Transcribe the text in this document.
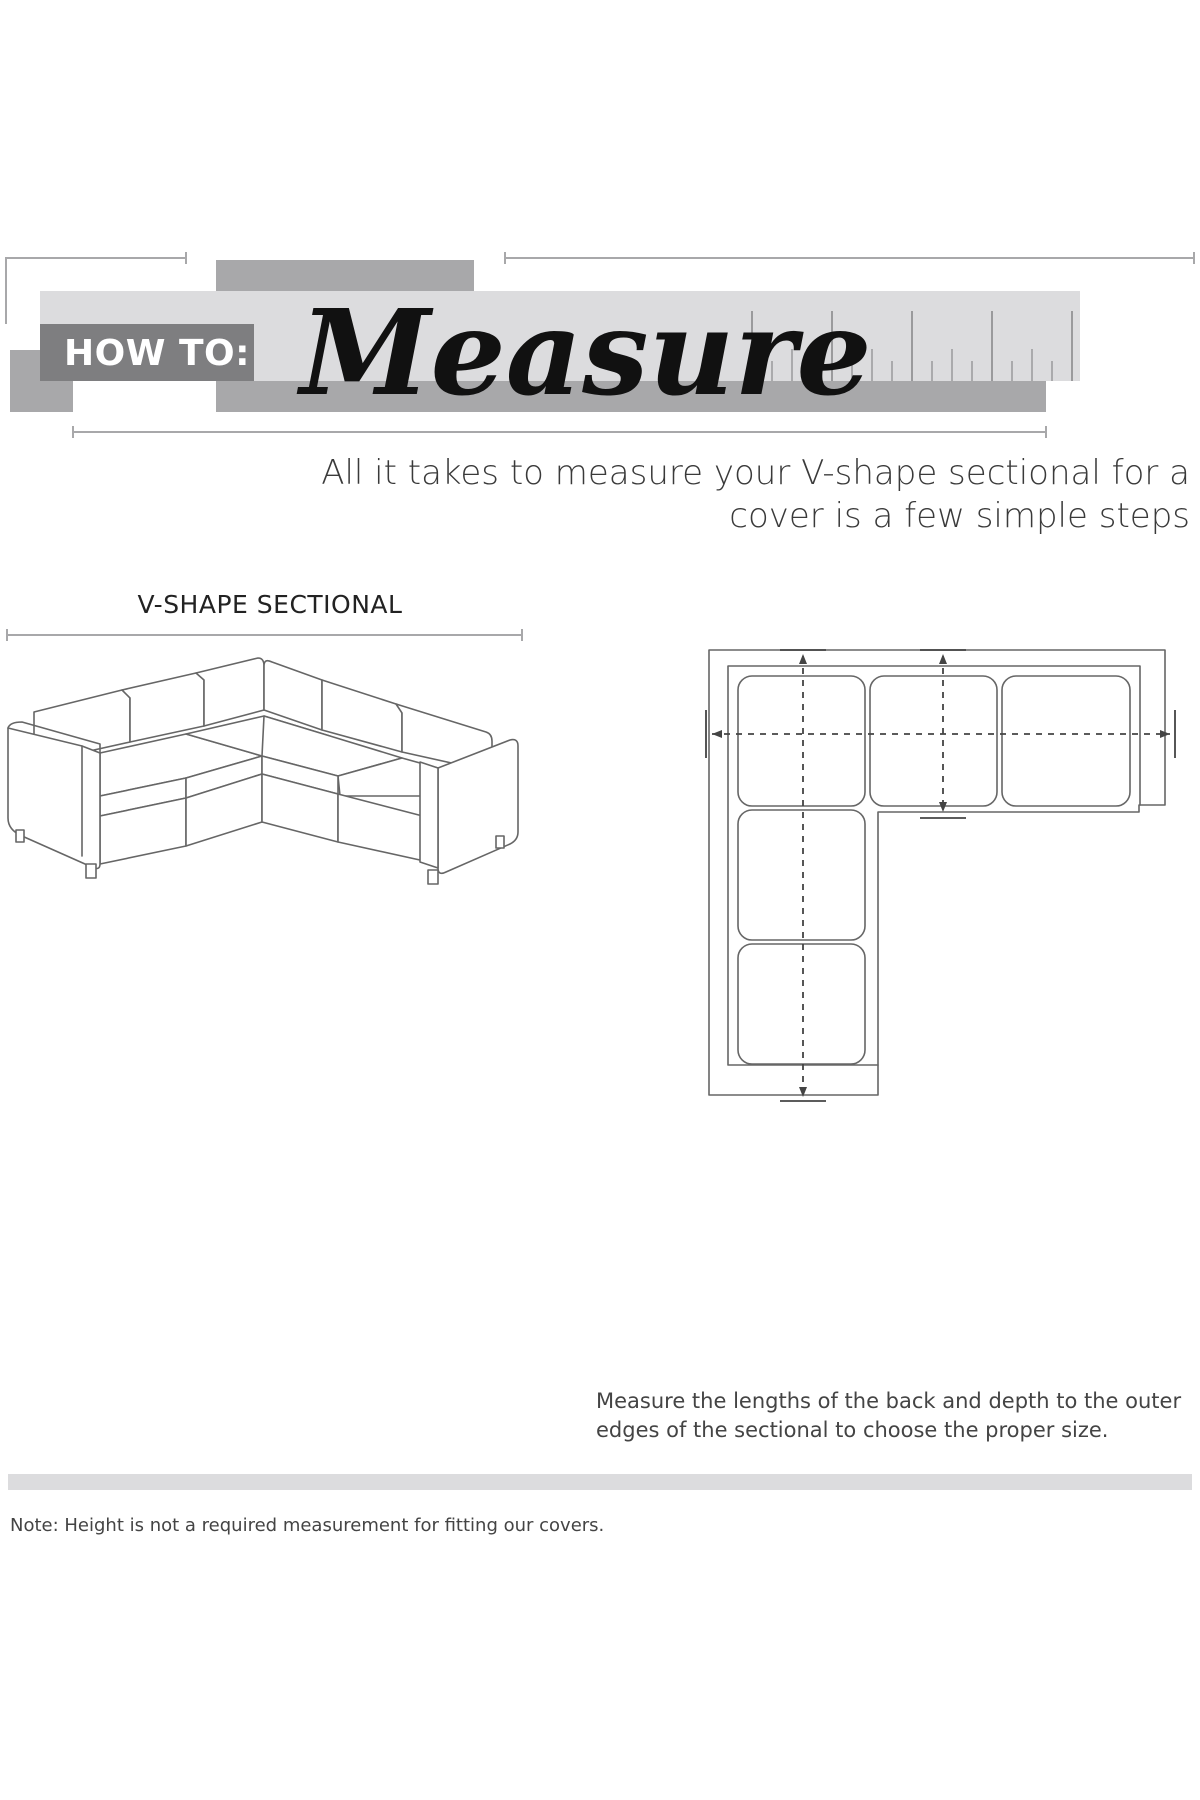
HOW TO: Measure
All it takes to measure your V-shape sectional for a
cover is a few simple steps
V-SHAPE SECTIONAL
Measure the lengths of the back and depth to the outer
edges of the sectional to choose the proper size.
Note: Height is not a required measurement for fitting our covers.
